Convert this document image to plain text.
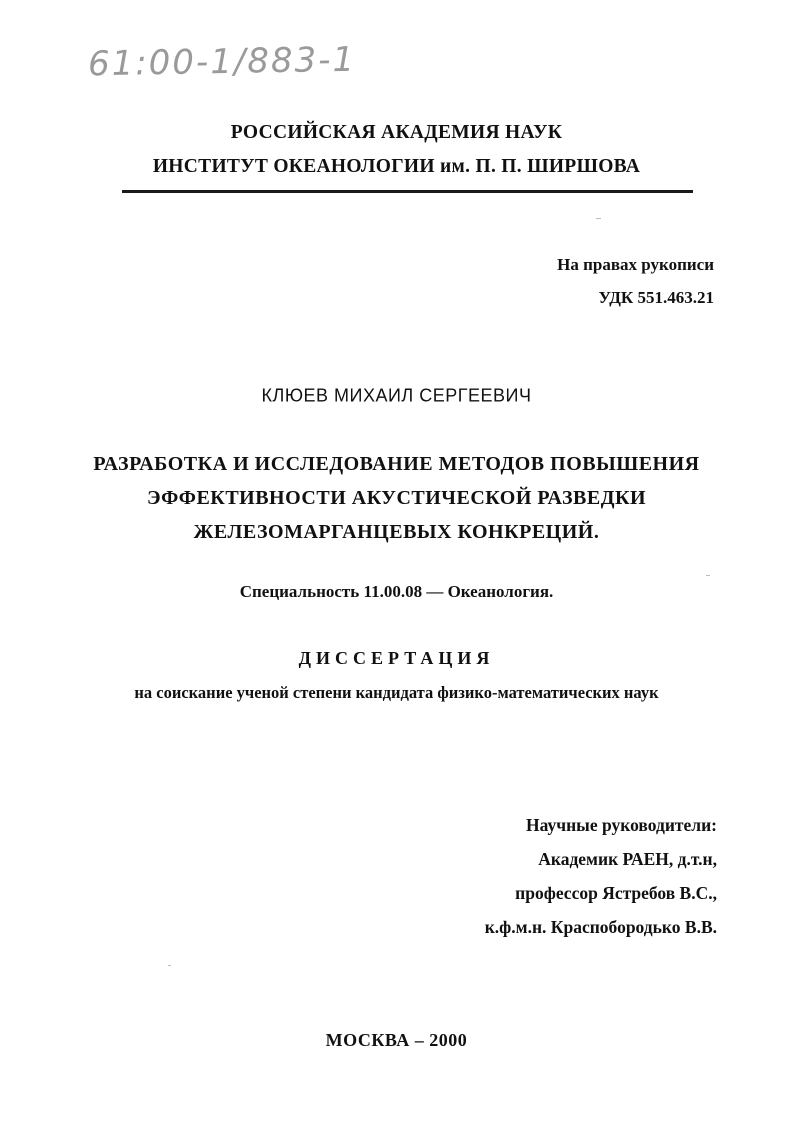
61:00-1/883-1
РОССИЙСКАЯ АКАДЕМИЯ НАУК
ИНСТИТУТ ОКЕАНОЛОГИИ им. П. П. ШИРШОВА
На правах рукописи
УДК 551.463.21
КЛЮЕВ МИХАИЛ СЕРГЕЕВИЧ
РАЗРАБОТКА И ИССЛЕДОВАНИЕ МЕТОДОВ ПОВЫШЕНИЯ
ЭФФЕКТИВНОСТИ АКУСТИЧЕСКОЙ РАЗВЕДКИ
ЖЕЛЕЗОМАРГАНЦЕВЫХ КОНКРЕЦИЙ.
Специальность 11.00.08 — Океанология.
ДИССЕРТАЦИЯ
на соискание ученой степени кандидата физико-математических наук
Научные руководители:
Академик РАЕН, д.т.н,
профессор Ястребов В.С.,
к.ф.м.н. Краспобородько В.В.
МОСКВА – 2000
